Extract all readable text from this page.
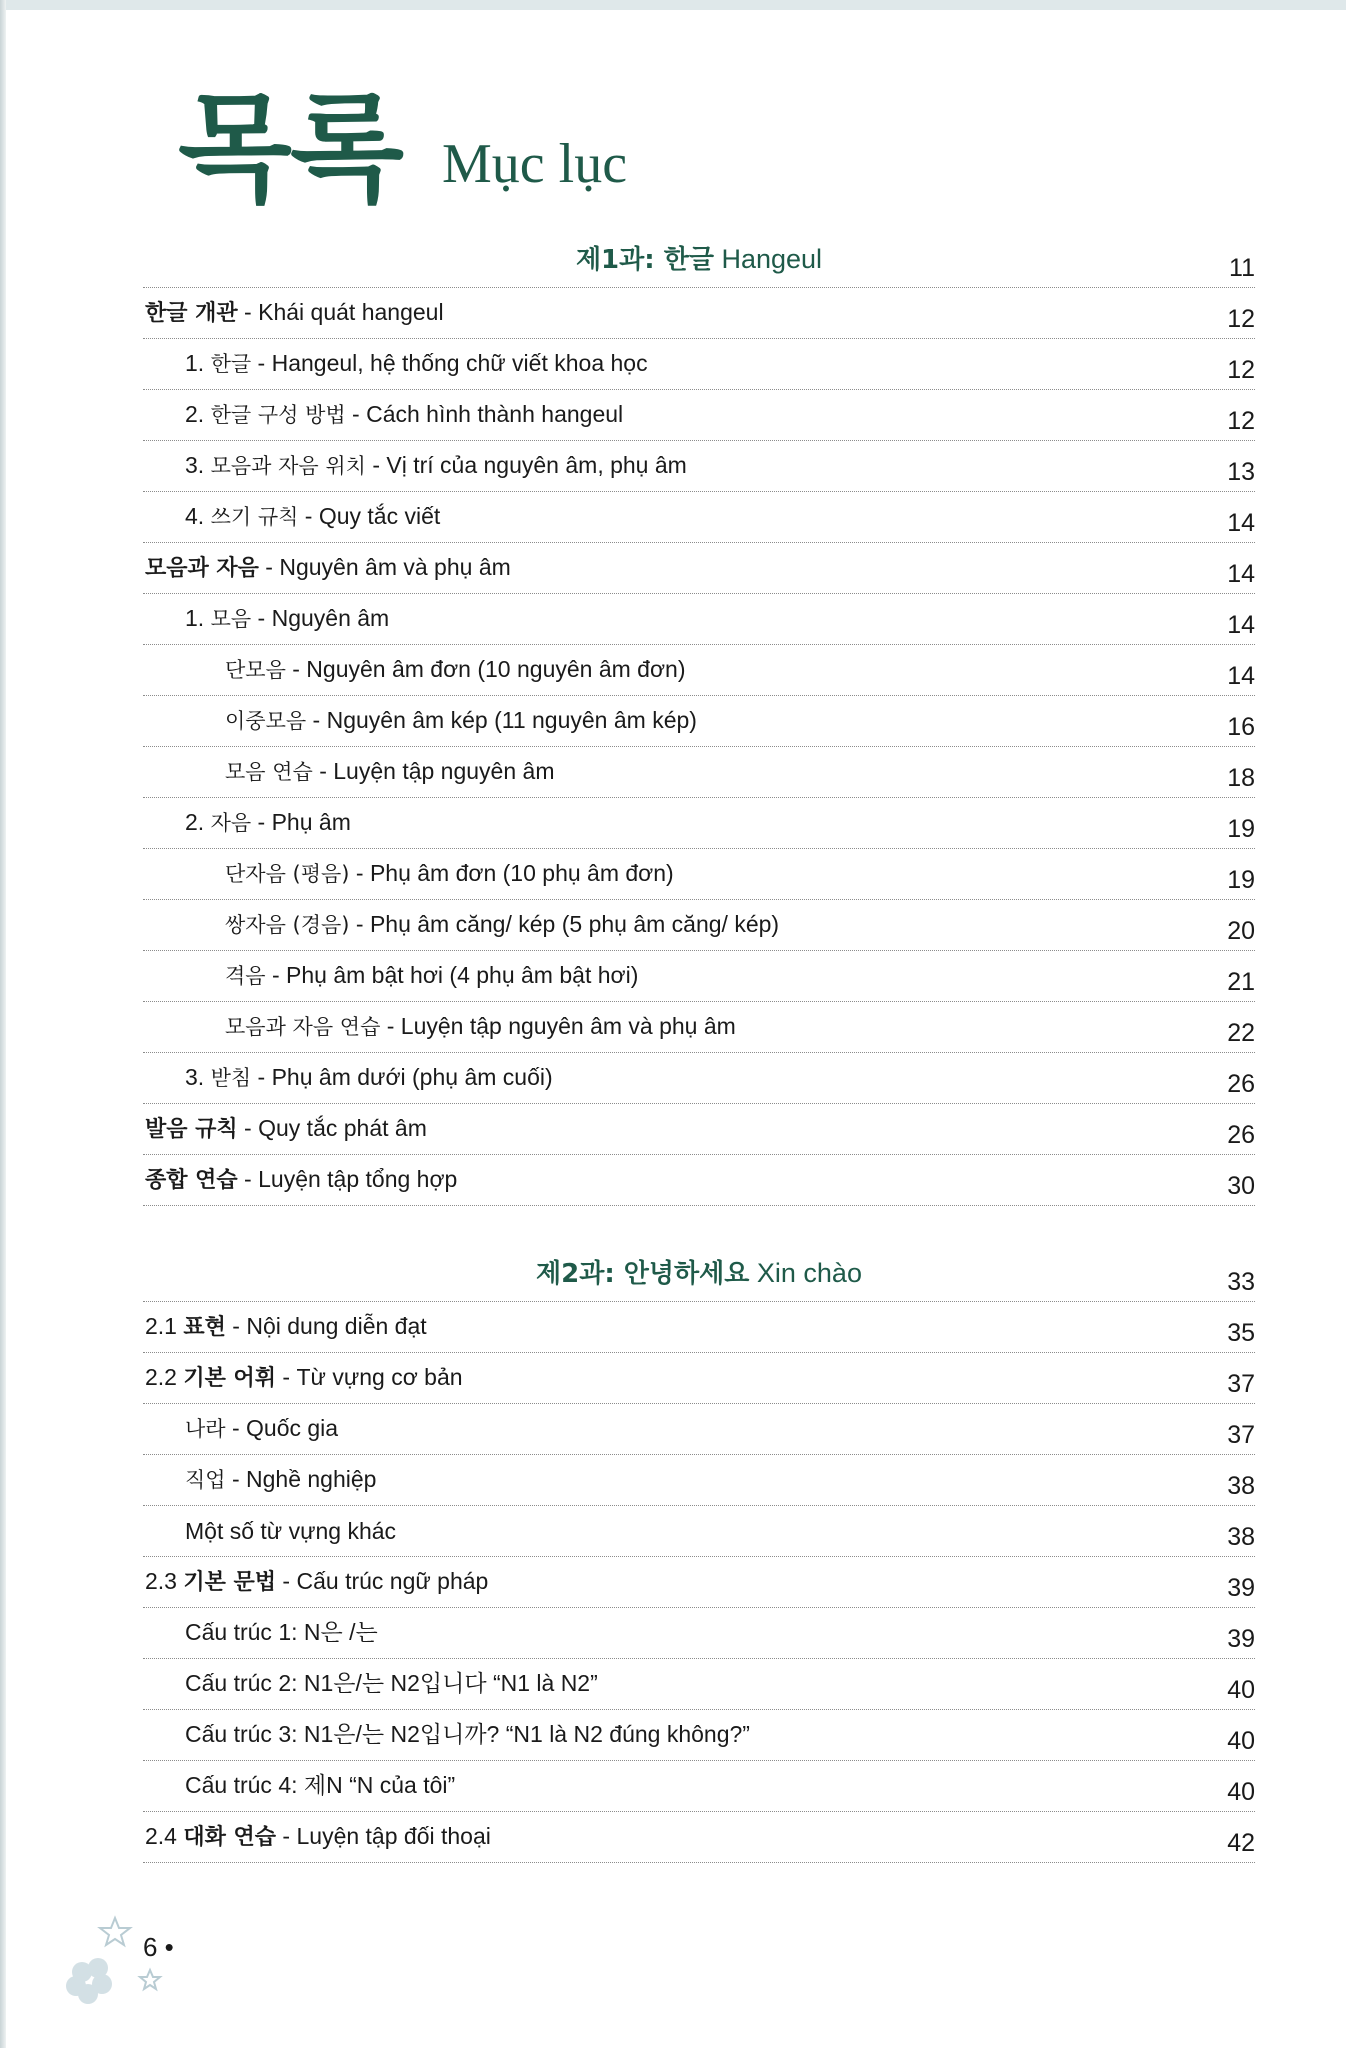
목록 Mục lục
제1과: 한글 Hangeul	11
한글 개관 - Khái quát hangeul	12
1. 한글 - Hangeul, hệ thống chữ viết khoa học	12
2. 한글 구성 방법 - Cách hình thành hangeul	12
3. 모음과 자음 위치 - Vị trí của nguyên âm, phụ âm	13
4. 쓰기 규칙 - Quy tắc viết	14
모음과 자음 - Nguyên âm và phụ âm	14
1. 모음 - Nguyên âm	14
단모음 - Nguyên âm đơn (10 nguyên âm đơn)	14
이중모음 - Nguyên âm kép (11 nguyên âm kép)	16
모음 연습 - Luyện tập nguyên âm	18
2. 자음 - Phụ âm	19
단자음 (평음) - Phụ âm đơn (10 phụ âm đơn)	19
쌍자음 (경음) - Phụ âm căng/ kép (5 phụ âm căng/ kép)	20
격음 - Phụ âm bật hơi (4 phụ âm bật hơi)	21
모음과 자음 연습 - Luyện tập nguyên âm và phụ âm	22
3. 받침 - Phụ âm dưới (phụ âm cuối)	26
발음 규칙 - Quy tắc phát âm	26
종합 연습 - Luyện tập tổng hợp	30
제2과: 안녕하세요 Xin chào	33
2.1 표현 - Nội dung diễn đạt	35
2.2 기본 어휘 - Từ vựng cơ bản	37
나라 - Quốc gia	37
직업 - Nghề nghiệp	38
Một số từ vựng khác	38
2.3 기본 문법 - Cấu trúc ngữ pháp	39
Cấu trúc 1: N은 /는	39
Cấu trúc 2: N1은/는 N2입니다 “N1 là N2”	40
Cấu trúc 3: N1은/는 N2입니까? “N1 là N2 đúng không?”	40
Cấu trúc 4: 제N “N của tôi”	40
2.4 대화 연습 - Luyện tập đối thoại	42
6 •
